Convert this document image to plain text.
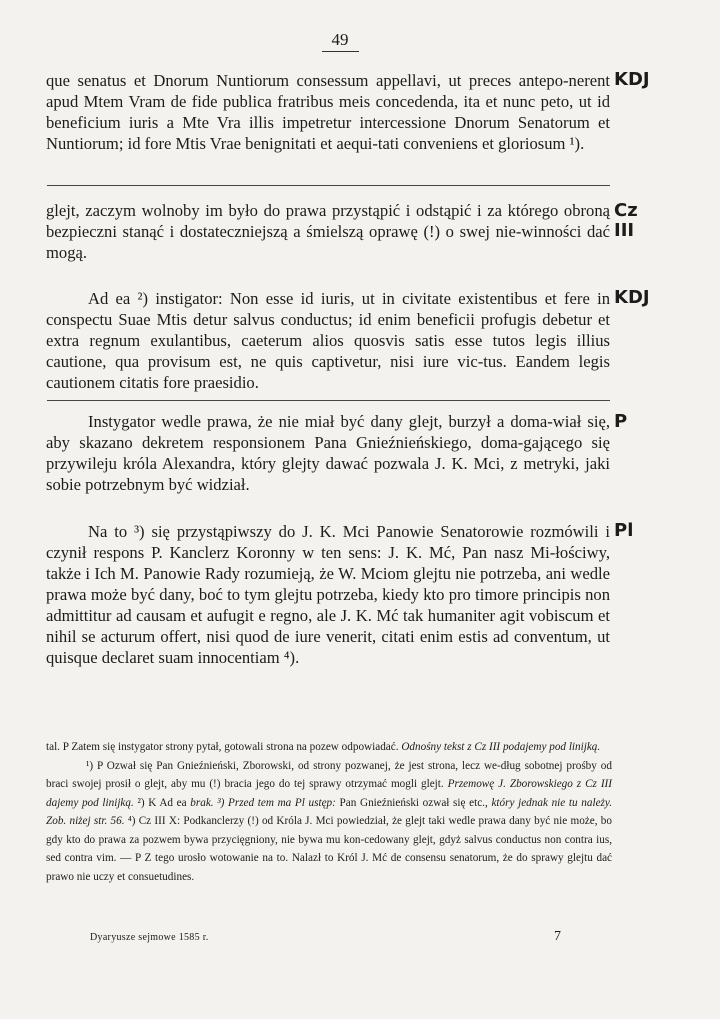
49

que senatus et Dnorum Nuntiorum consessum appellavi, ut preces antepo-nerent apud Mtem Vram de fide publica fratribus meis concedenda, ita et nunc peto, ut id beneficium iuris a Mte Vra illis impetretur intercessione Dnorum Senatorum et Nuntiorum; id fore Mtis Vrae benignitati et aequi-tati conveniens et gloriosum ¹).

KDJ

glejt, zaczym wolnoby im było do prawa przystąpić i odstąpić i za którego obroną bezpieczni stanąć i dostateczniejszą a śmielszą oprawę (!) o swej nie-winności dać mogą.

Cz
III

Ad ea ²) instigator: Non esse id iuris, ut in civitate existentibus et fere in conspectu Suae Mtis detur salvus conductus; id enim beneficii profugis debetur et extra regnum exulantibus, caeterum alios quosvis satis esse tutos legis illius cautione, qua provisum est, ne quis captivetur, nisi iure vic-tus. Eandem legis cautionem citatis fore praesidio.

KDJ

Instygator wedle prawa, że nie miał być dany glejt, burzył a doma-wiał się, aby skazano dekretem responsionem Pana Gnieźnieńskiego, doma-gającego się przywileju króla Alexandra, który glejty dawać pozwala J. K. Mci, z metryki, jaki sobie potrzebnym być widział.

P

Na to ³) się przystąpiwszy do J. K. Mci Panowie Senatorowie rozmówili i czynił respons P. Kanclerz Koronny w ten sens: J. K. Mć, Pan nasz Mi-łościwy, także i Ich M. Panowie Rady rozumieją, że W. Mciom glejtu nie potrzeba, ani wedle prawa może być dany, boć to tym glejtu potrzeba, kiedy kto pro timore principis non admittitur ad causam et aufugit e regno, ale J. K. Mć tak humaniter agit vobiscum et nihil se acturum offert, nisi quod de iure venerit, citati enim estis ad conventum, ut quisque declaret suam innocentiam ⁴).

Pl

tal. P Zatem się instygator strony pytał, gotowali strona na pozew odpowiadać. Odnośny tekst z Cz III podajemy pod linijką.

¹) P Ozwał się Pan Gnieźnieński, Zborowski, od strony pozwanej, że jest strona, lecz we-dług sobotnej prośby od braci swojej prosił o glejt, aby mu (!) bracia jego do tej sprawy otrzymać mogli glejt. Przemowę J. Zborowskiego z Cz III dajemy pod linijką. ²) K Ad ea brak. ³) Przed tem ma Pl ustęp: Pan Gnieźnieński ozwał się etc., który jednak nie tu należy. Zob. niżej str. 56. ⁴) Cz III X: Podkanclerzy (!) od Króla J. Mci powiedział, że glejt taki wedle prawa dany być nie może, bo gdy kto do prawa za pozwem bywa przycięgniony, nie bywa mu kon-cedowany glejt, gdyż salvus conductus non contra ius, sed contra vim. — P Z tego urosło wotowanie na to. Nalazł to Król J. Mć de consensu senatorum, że do sprawy glejtu dać prawo nie uczy et consuetudines.

Dyaryusze sejmowe 1585 r.	7
